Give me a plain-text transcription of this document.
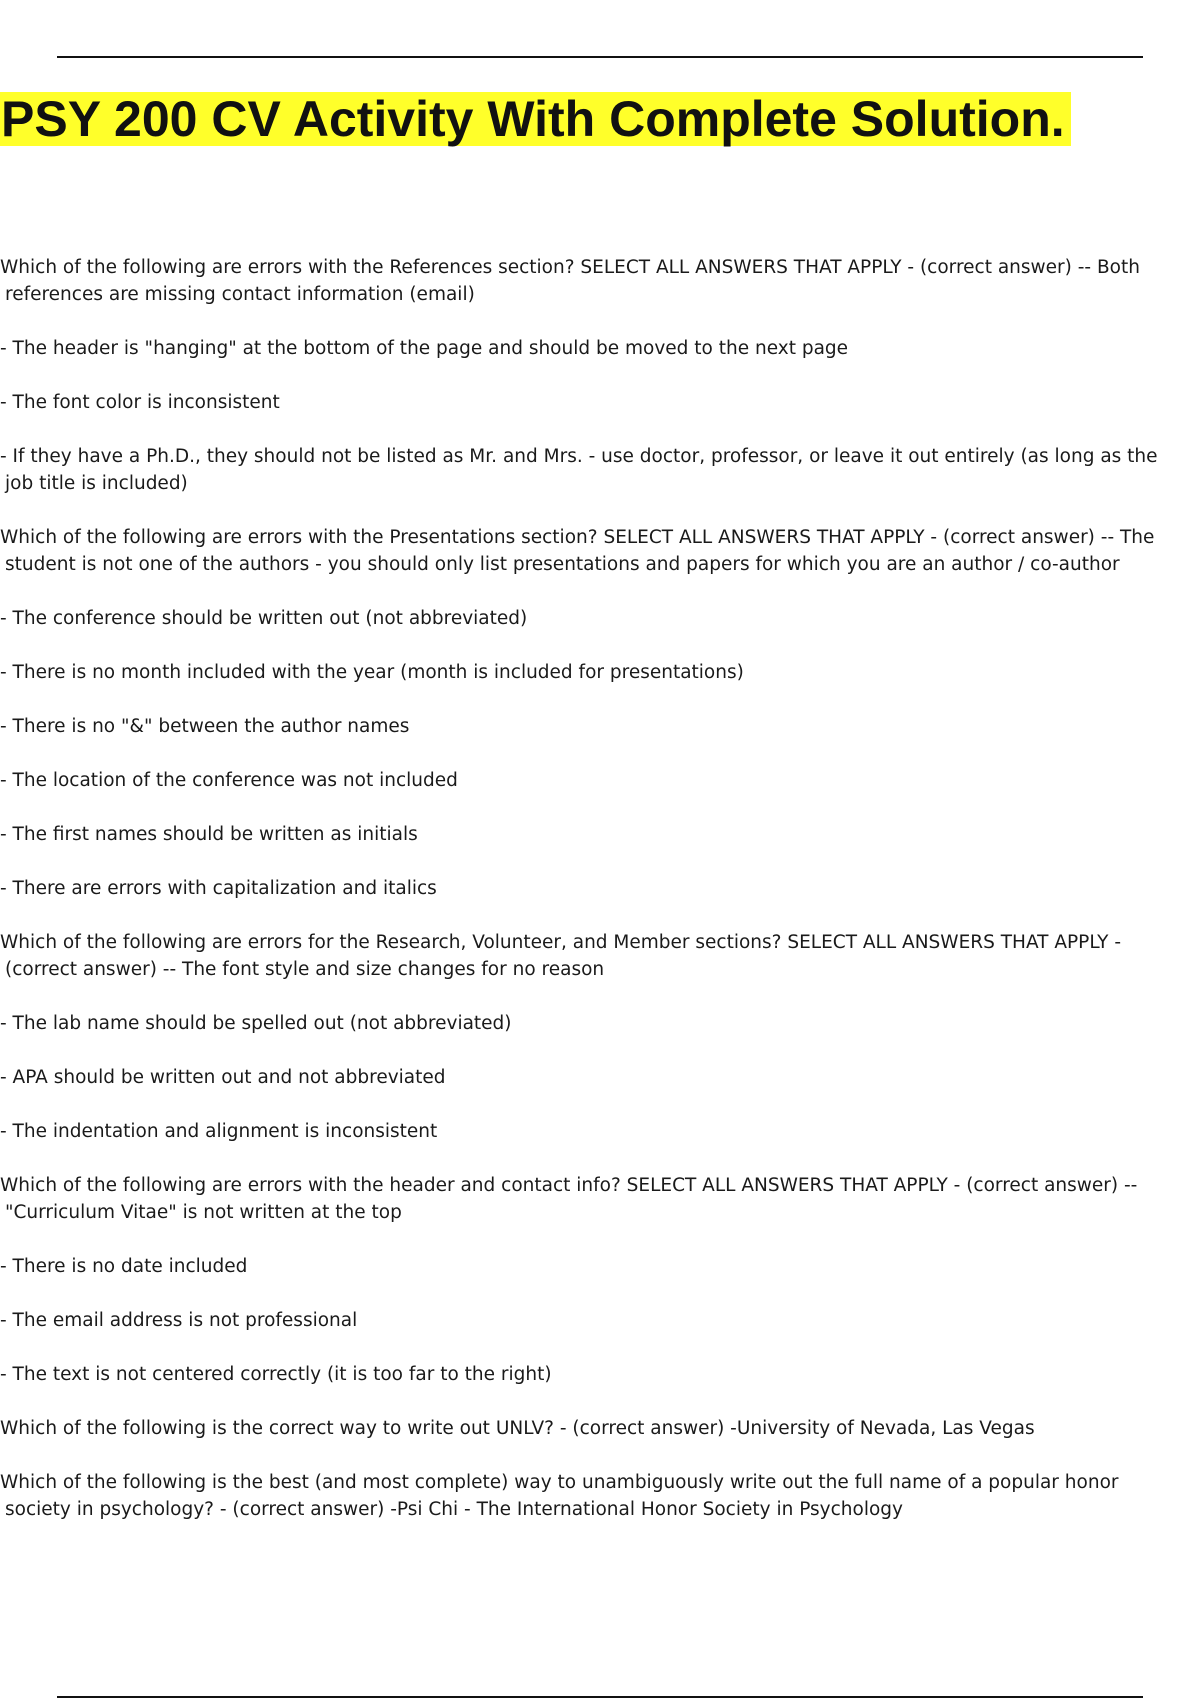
PSY 200 CV Activity With Complete Solution.

Which of the following are errors with the References section? SELECT ALL ANSWERS THAT APPLY - (correct answer) -- Both references are missing contact information (email)

- The header is "hanging" at the bottom of the page and should be moved to the next page

- The font color is inconsistent

- If they have a Ph.D., they should not be listed as Mr. and Mrs. - use doctor, professor, or leave it out entirely (as long as the job title is included)

Which of the following are errors with the Presentations section? SELECT ALL ANSWERS THAT APPLY - (correct answer) -- The student is not one of the authors - you should only list presentations and papers for which you are an author / co-author

- The conference should be written out (not abbreviated)

- There is no month included with the year (month is included for presentations)

- There is no "&" between the author names

- The location of the conference was not included

- The first names should be written as initials

- There are errors with capitalization and italics

Which of the following are errors for the Research, Volunteer, and Member sections? SELECT ALL ANSWERS THAT APPLY - (correct answer) -- The font style and size changes for no reason

- The lab name should be spelled out (not abbreviated)

- APA should be written out and not abbreviated

- The indentation and alignment is inconsistent

Which of the following are errors with the header and contact info? SELECT ALL ANSWERS THAT APPLY - (correct answer) -- "Curriculum Vitae" is not written at the top

- There is no date included

- The email address is not professional

- The text is not centered correctly (it is too far to the right)

Which of the following is the correct way to write out UNLV? - (correct answer) -University of Nevada, Las Vegas

Which of the following is the best (and most complete) way to unambiguously write out the full name of a popular honor society in psychology? - (correct answer) -Psi Chi - The International Honor Society in Psychology
